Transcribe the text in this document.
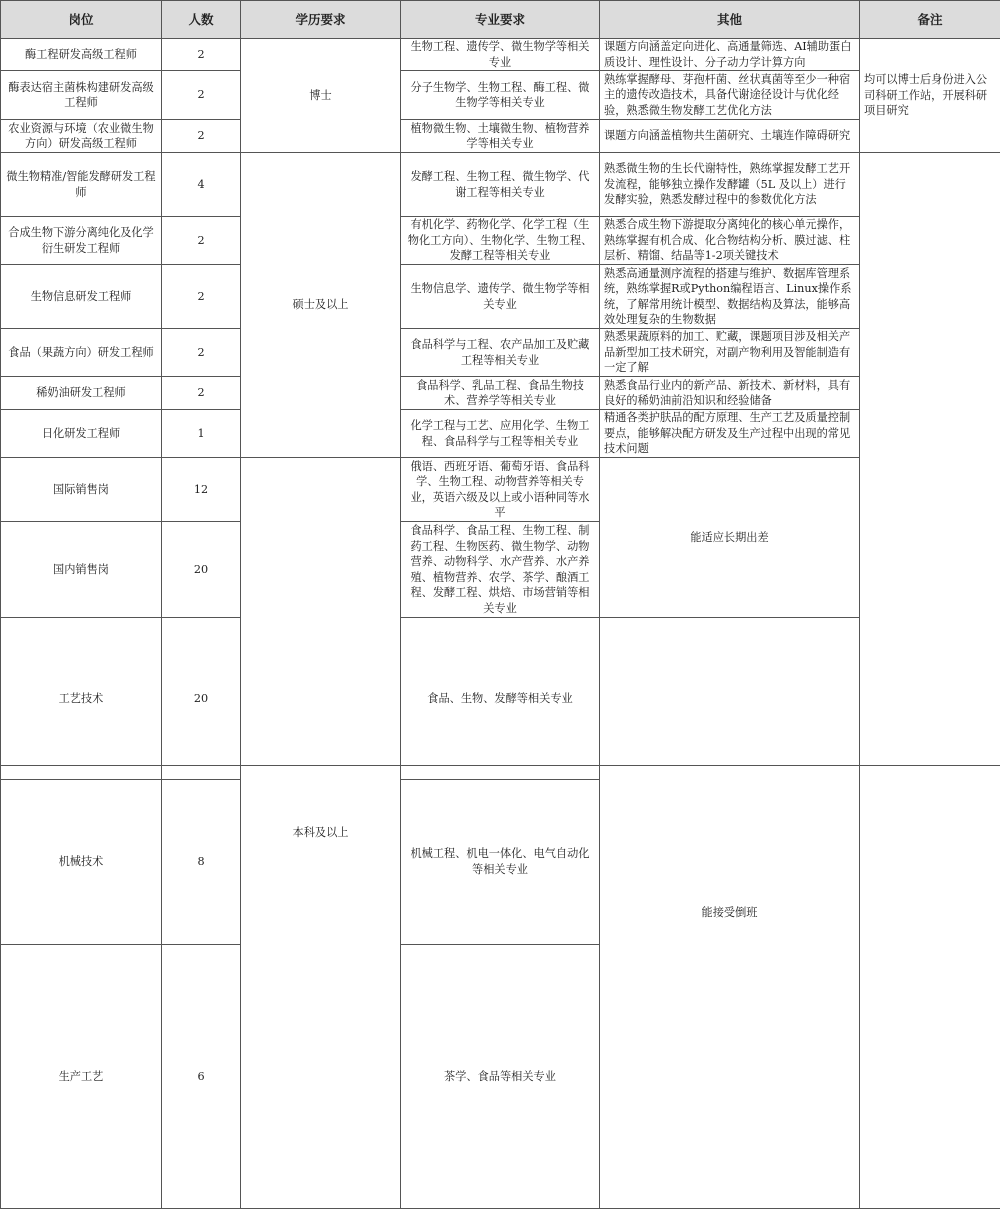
岗位	人数	学历要求	专业要求	其他	备注	
酶工程研发高级工程师	2	博士	生物工程、遗传学、微生物学等相关专业	课题方向涵盖定向进化、高通量筛选、AI辅助蛋白质设计、理性设计、分子动力学计算方向	均可以博士后身份进入公司科研工作站，开展科研项目研究	
酶表达宿主菌株构建研发高级工程师	2		分子生物学、生物工程、酶工程、微生物学等相关专业	熟练掌握酵母、芽孢杆菌、丝状真菌等至少一种宿主的遗传改造技术，具备代谢途径设计与优化经验，熟悉微生物发酵工艺优化方法		
农业资源与环境（农业微生物方向）研发高级工程师	2		植物微生物、土壤微生物、植物营养学等相关专业	课题方向涵盖植物共生菌研究、土壤连作障碍研究		
微生物精准/智能发酵研发工程师	4	硕士及以上	发酵工程、生物工程、微生物学、代谢工程等相关专业	熟悉微生物的生长代谢特性，熟练掌握发酵工艺开发流程，能够独立操作发酵罐（5L 及以上）进行发酵实验，熟悉发酵过程中的参数优化方法		
合成生物下游分离纯化及化学衍生研发工程师	2		有机化学、药物化学、化学工程（生物化工方向）、生物化学、生物工程、发酵工程等相关专业	熟悉合成生物下游提取分离纯化的核心单元操作，熟练掌握有机合成、化合物结构分析、膜过滤、柱层析、精馏、结晶等1-2项关键技术		
生物信息研发工程师	2		生物信息学、遗传学、微生物学等相关专业	熟悉高通量测序流程的搭建与维护、数据库管理系统，熟练掌握R或Python编程语言、Linux操作系统，了解常用统计模型、数据结构及算法，能够高效处理复杂的生物数据		
食品（果蔬方向）研发工程师	2		食品科学与工程、农产品加工及贮藏工程等相关专业	熟悉果蔬原料的加工、贮藏，课题项目涉及相关产品新型加工技术研究，对副产物利用及智能制造有一定了解		
稀奶油研发工程师	2		食品科学、乳品工程、食品生物技术、营养学等相关专业	熟悉食品行业内的新产品、新技术、新材料，具有良好的稀奶油前沿知识和经验储备		
日化研发工程师	1		化学工程与工艺、应用化学、生物工程、食品科学与工程等相关专业	精通各类护肤品的配方原理、生产工艺及质量控制要点，能够解决配方研发及生产过程中出现的常见技术问题		
国际销售岗	12	本科及以上	俄语、西班牙语、葡萄牙语、食品科学、生物工程、动物营养等相关专业，英语六级及以上或小语种同等水平	能适应长期出差		
国内销售岗	20		食品科学、食品工程、生物工程、制药工程、生物医药、微生物学、动物营养、动物科学、水产营养、水产养殖、植物营养、农学、茶学、酿酒工程、发酵工程、烘焙、市场营销等相关专业			
工艺技术	20		食品、生物、发酵等相关专业	能接受倒班	
机械技术	8		机械工程、机电一体化、电气自动化等相关专业			
生产工艺	6		茶学、食品等相关专业	
